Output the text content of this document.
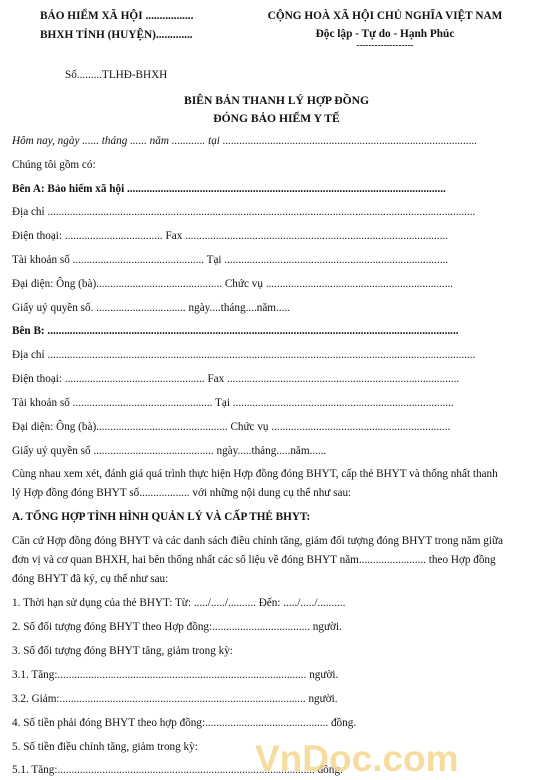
BẢO HIỂM XÃ HỘI .................
BHXH TỈNH (HUYỆN).............
CỘNG HOÀ XÃ HỘI CHỦ NGHĨA VIỆT NAM
Độc lập - Tự do - Hạnh Phúc
-------------------
Số.........TLHĐ-BHXH
BIÊN BẢN THANH LÝ HỢP ĐỒNG
ĐÓNG BẢO HIỂM Y TẾ
Hôm nay, ngày ...... tháng ...... năm ............ tại ...........................................................................................
Chúng tôi gồm có:
Bên A: Bảo hiểm xã hội ..................................................................................................................
Địa chỉ .........................................................................................................................................................
Điện thoại: ................................... Fax ..............................................................................................
Tài khoản số ............................................... Tại ................................................................................
Đại diện: Ông (bà)............................................. Chức vụ ...................................................................
Giấy uỷ quyền số. ................................ ngày....tháng....năm.....
Bên B: ...................................................................................................................................................
Địa chỉ .........................................................................................................................................................
Điện thoại: .................................................. Fax ...................................................................................
Tài khoản số .................................................. Tại ...............................................................................
Đại diện: Ông (bà)............................................... Chức vụ ................................................................
Giấy uỷ quyền số ........................................... ngày.....tháng.....năm......
Cùng nhau xem xét, đánh giá quá trình thực hiện Hợp đồng đóng BHYT, cấp thẻ BHYT và thống nhất thanh
lý Hợp đồng đóng BHYT số.................. với những nội dung cụ thể như sau:
A. TỔNG HỢP TÌNH HÌNH QUẢN LÝ VÀ CẤP THẺ BHYT:
Căn cứ Hợp đồng đóng BHYT và các danh sách điều chỉnh tăng, giảm đối tượng đóng BHYT trong năm giữa
đơn vị và cơ quan BHXH, hai bên thống nhất các số liệu về đóng BHYT năm........................ theo Hợp đồng
đóng BHYT đã ký, cụ thể như sau:
1. Thời hạn sử dụng của thẻ BHYT: Từ: ...../...../.......... Đến: ...../...../..........
2. Số đối tượng đóng BHYT theo Hợp đồng:................................... người.
3. Số đối tượng đóng BHYT tăng, giảm trong kỳ:
3.1. Tăng:......................................................................................... người.
3.2. Giảm:........................................................................................ người.
4. Số tiền phải đóng BHYT theo hợp đồng:............................................ đồng.
5. Số tiền điều chỉnh tăng, giảm trong kỳ:
5.1. Tăng:............................................................................................ đồng.
VnDoc.com
